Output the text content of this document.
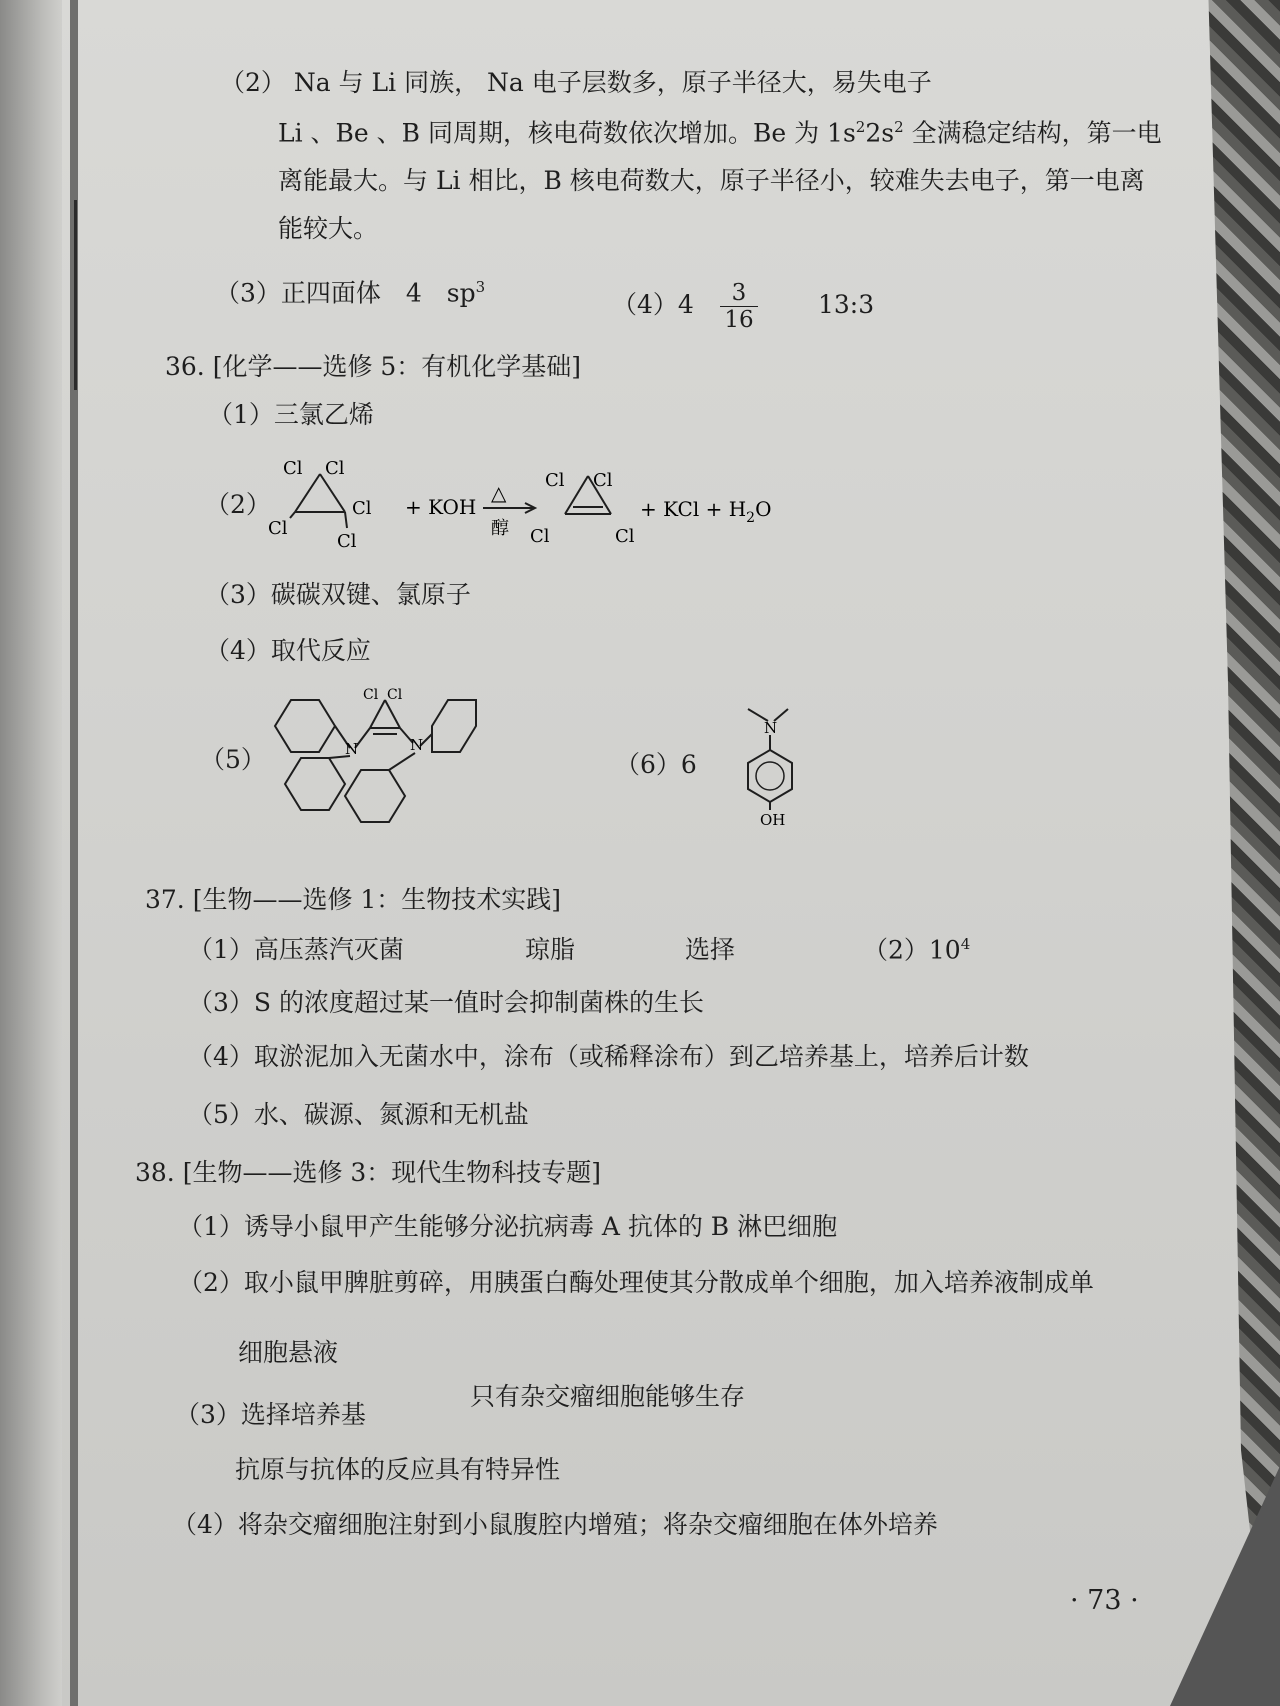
（2） Na 与 Li 同族， Na 电子层数多，原子半径大，易失电子
Li 、Be 、B 同周期，核电荷数依次增加。Be 为 $1s^22s^2$ 全满稳定结构，第一电
离能最大。与 Li 相比，B 核电荷数大，原子半径小，较难失去电子，第一电离
能较大。
（3）正四面体　4　$sp^3$
$(4)4 \frac{3}{16}$ 13:3
36. [化学——选修 5：有机化学基础]
（1）三氯乙烯
（2）
Cl Cl
Cl
Cl
Cl
+ KOH
△
醇
Cl Cl
Cl	Cl
+ KCl + $H_2O$
（3）碳碳双键、氯原子
（4）取代反应
（5）	N	N
Cl Cl
（6）6
N
OH
37. [生物——选修 1：生物技术实践]
（1）高压蒸汽灭菌	琼脂	选择	$(2)10^4$
（3）S 的浓度超过某一值时会抑制菌株的生长
（4）取淤泥加入无菌水中，涂布（或稀释涂布）到乙培养基上，培养后计数
（5）水、碳源、氮源和无机盐
38. [生物——选修 3：现代生物科技专题]
（1）诱导小鼠甲产生能够分泌抗病毒 A 抗体的 B 淋巴细胞
（2）取小鼠甲脾脏剪碎，用胰蛋白酶处理使其分散成单个细胞，加入培养液制成单
细胞悬液
（3）选择培养基
只有杂交瘤细胞能够生存
抗原与抗体的反应具有特异性
（4）将杂交瘤细胞注射到小鼠腹腔内增殖；将杂交瘤细胞在体外培养
· 73 ·
